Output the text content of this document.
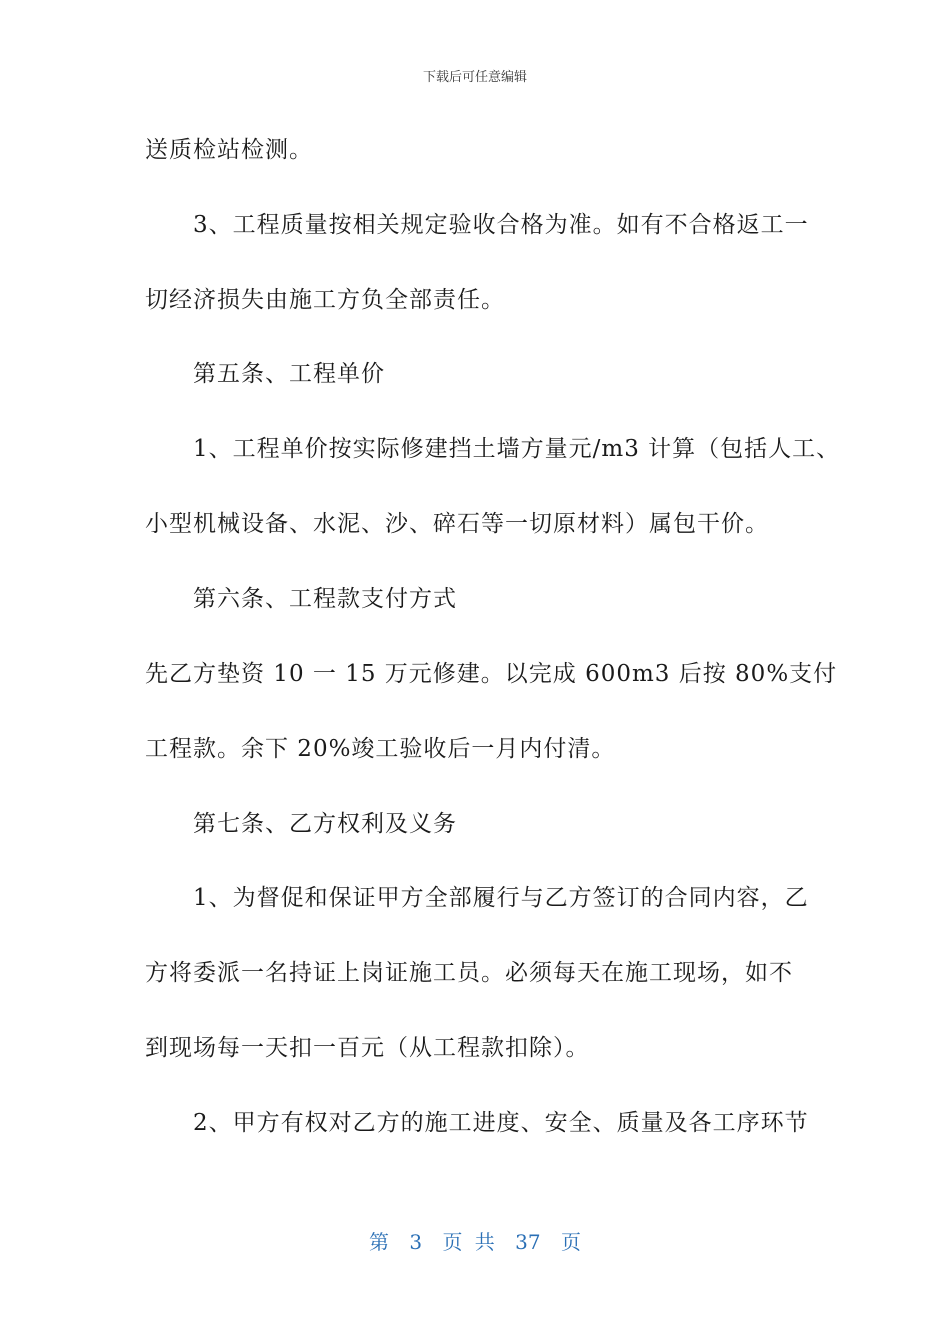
下载后可任意编辑
送质检站检测。
3、工程质量按相关规定验收合格为准。如有不合格返工一
切经济损失由施工方负全部责任。
第五条、工程单价
1、工程单价按实际修建挡土墙方量元/m3 计算（包括人工、
小型机械设备、水泥、沙、碎石等一切原材料）属包干价。
第六条、工程款支付方式
先乙方垫资 10 一 15 万元修建。以完成 600m3 后按 80%支付
工程款。余下 20%竣工验收后一月内付清。
第七条、乙方权利及义务
1、为督促和保证甲方全部履行与乙方签订的合同内容，乙
方将委派一名持证上岗证施工员。必须每天在施工现场，如不
到现场每一天扣一百元（从工程款扣除）。
2、甲方有权对乙方的施工进度、安全、质量及各工序环节
第 3 页 共 37 页
